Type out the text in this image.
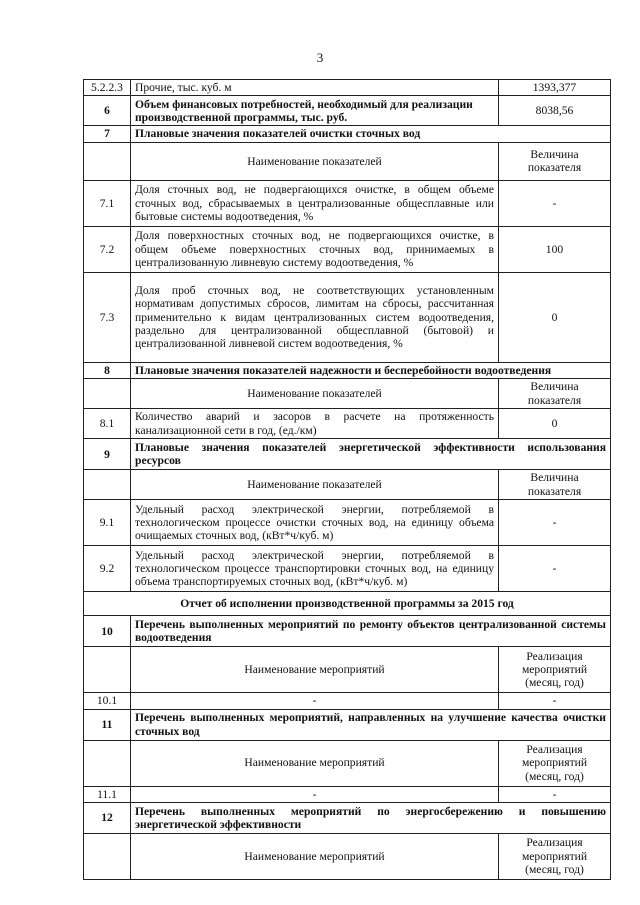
3
5.2.2.3	Прочие, тыс. куб. м	1393,377
6	Объем финансовых потребностей, необходимый для реализации производственной программы, тыс. руб.	8038,56
7	Плановые значения показателей очистки сточных вод	
	Наименование показателей	Величина показателя
7.1	Доля сточных вод, не подвергающихся очистке, в общем объеме сточных вод, сбрасываемых в централизованные общесплавные или бытовые системы водоотведения, %	-
7.2	Доля поверхностных сточных вод, не подвергающихся очистке, в общем объеме поверхностных сточных вод, принимаемых в централизованную ливневую систему водоотведения, %	100
7.3	Доля проб сточных вод, не соответствующих установленным нормативам допустимых сбросов, лимитам на сбросы, рассчитанная применительно к видам централизованных систем водоотведения, раздельно для централизованной общесплавной (бытовой) и централизованной ливневой систем водоотведения, %	0
8	Плановые значения показателей надежности и бесперебойности водоотведения	
	Наименование показателей	Величина показателя
8.1	Количество аварий и засоров в расчете на протяженность канализационной сети в год, (ед./км)	0
9	Плановые значения показателей энергетической эффективности использования ресурсов	
	Наименование показателей	Величина показателя
9.1	Удельный расход электрической энергии, потребляемой в технологическом процессе очистки сточных вод, на единицу объема очищаемых сточных вод, (кВт*ч/куб. м)	-
9.2	Удельный расход электрической энергии, потребляемой в технологическом процессе транспортировки сточных вод, на единицу объема транспортируемых сточных вод, (кВт*ч/куб. м)	-
Отчет об исполнении производственной программы за 2015 год		
10	Перечень выполненных мероприятий по ремонту объектов централизованной системы водоотведения	
	Наименование мероприятий	Реализация мероприятий (месяц, год)
10.1	-	-
11	Перечень выполненных мероприятий, направленных на улучшение качества очистки сточных вод	
	Наименование мероприятий	Реализация мероприятий (месяц, год)
11.1	-	-
12	Перечень выполненных мероприятий по энергосбережению и повышению энергетической эффективности	
	Наименование мероприятий	Реализация мероприятий (месяц, год)
